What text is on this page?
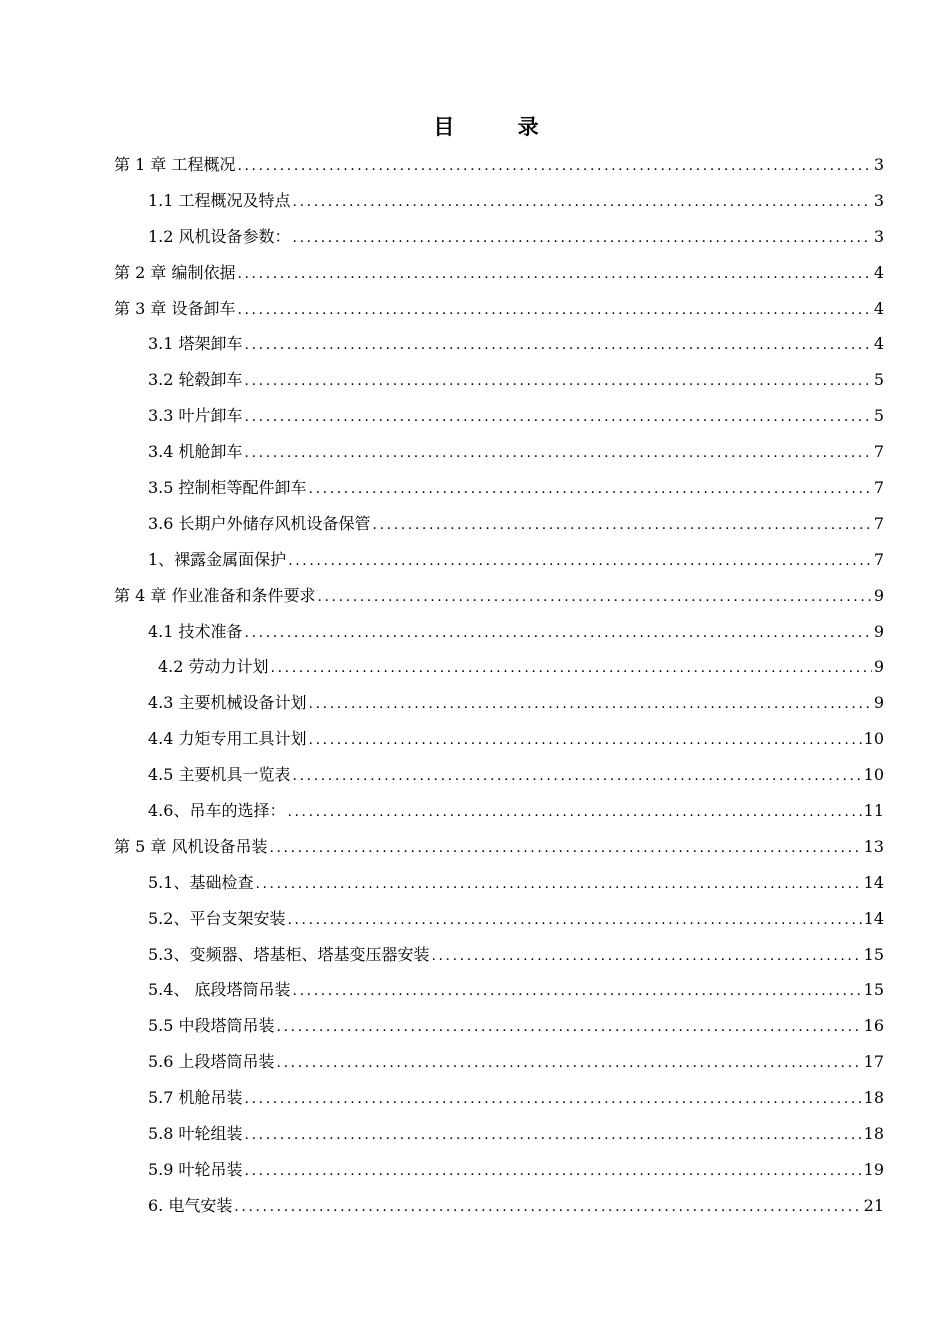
目 录
第 1 章 工程概况 .....	3
1.1 工程概况及特点 .....	3
1.2 风机设备参数： .....	3
第 2 章 编制依据 .....	4
第 3 章 设备卸车 .....	4
3.1 塔架卸车 .....	4
3.2 轮毂卸车 .....	5
3.3 叶片卸车 .....	5
3.4 机舱卸车 .....	7
3.5 控制柜等配件卸车 .....	7
3.6 长期户外储存风机设备保管 .....	7
1、裸露金属面保护 .....	7
第 4 章 作业准备和条件要求 .....	9
4.1 技术准备 .....	9
4.2 劳动力计划 .....	9
4.3 主要机械设备计划 .....	9
4.4 力矩专用工具计划 .....	10
4.5 主要机具一览表 .....	10
4.6、吊车的选择： .....	11
第 5 章 风机设备吊装 .....	13
5.1、基础检查 .....	14
5.2、平台支架安装 .....	14
5.3、变频器、塔基柜、塔基变压器安装 .....	15
5.4、 底段塔筒吊装 .....	15
5.5 中段塔筒吊装 .....	16
5.6 上段塔筒吊装 .....	17
5.7 机舱吊装 .....	18
5.8 叶轮组装 .....	18
5.9 叶轮吊装 .....	19
6. 电气安装 .....	21
